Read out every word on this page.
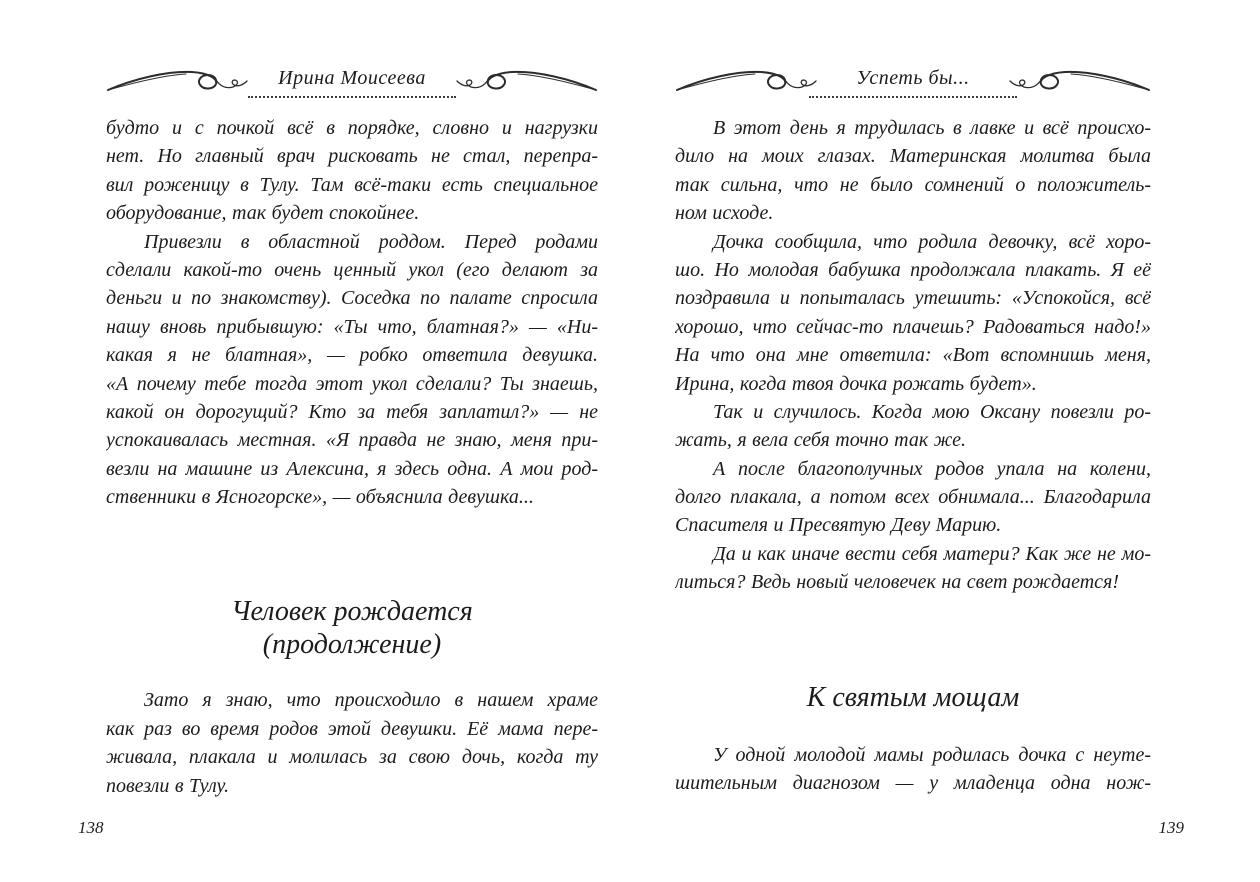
Ирина Моисеева
будто и с почкой всё в порядке, словно и нагрузки
нет. Но главный врач рисковать не стал, перепра-
вил роженицу в Тулу. Там всё-таки есть специальное
оборудование, так будет спокойнее.
Привезли в областной роддом. Перед родами
сделали какой-то очень ценный укол (его делают за
деньги и по знакомству). Соседка по палате спросила
нашу вновь прибывшую: «Ты что, блатная?» — «Ни-
какая я не блатная», — робко ответила девушка.
«А почему тебе тогда этот укол сделали? Ты знаешь,
какой он дорогущий? Кто за тебя заплатил?» — не
успокаивалась местная. «Я правда не знаю, меня при-
везли на машине из Алексина, я здесь одна. А мои род-
ственники в Ясногорске», — объяснила девушка...
Человек рождается
(продолжение)
Зато я знаю, что происходило в нашем храме
как раз во время родов этой девушки. Её мама пере-
живала, плакала и молилась за свою дочь, когда ту
повезли в Тулу.
138
Успеть бы...
В этот день я трудилась в лавке и всё происхо-
дило на моих глазах. Материнская молитва была
так сильна, что не было сомнений о положитель-
ном исходе.
Дочка сообщила, что родила девочку, всё хоро-
шо. Но молодая бабушка продолжала плакать. Я её
поздравила и попыталась утешить: «Успокойся, всё
хорошо, что сейчас-то плачешь? Радоваться надо!»
На что она мне ответила: «Вот вспомнишь меня,
Ирина, когда твоя дочка рожать будет».
Так и случилось. Когда мою Оксану повезли ро-
жать, я вела себя точно так же.
А после благополучных родов упала на колени,
долго плакала, а потом всех обнимала... Благодарила
Спасителя и Пресвятую Деву Марию.
Да и как иначе вести себя матери? Как же не мо-
литься? Ведь новый человечек на свет рождается!
К святым мощам
У одной молодой мамы родилась дочка с неуте-
шительным диагнозом — у младенца одна нож-
139
